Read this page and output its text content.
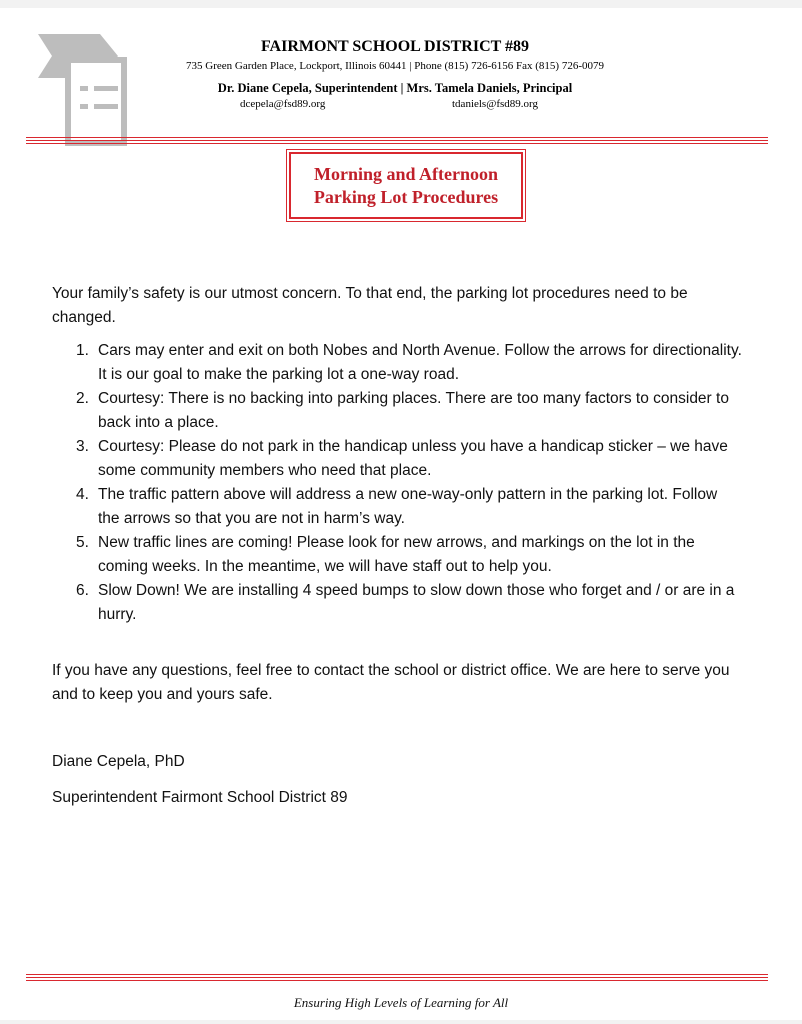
FAIRMONT SCHOOL DISTRICT #89
735 Green Garden Place, Lockport, Illinois 60441 | Phone (815) 726-6156 Fax (815) 726-0079
Dr. Diane Cepela, Superintendent | Mrs. Tamela Daniels, Principal
dcepela@fsd89.org	tdaniels@fsd89.org
Morning and Afternoon
Parking Lot Procedures
Your family’s safety is our utmost concern. To that end, the parking lot procedures need to be changed.
1. Cars may enter and exit on both Nobes and North Avenue. Follow the arrows for directionality. It is our goal to make the parking lot a one-way road.
2. Courtesy: There is no backing into parking places. There are too many factors to consider to back into a place.
3. Courtesy: Please do not park in the handicap unless you have a handicap sticker – we have some community members who need that place.
4. The traffic pattern above will address a new one-way-only pattern in the parking lot. Follow the arrows so that you are not in harm’s way.
5. New traffic lines are coming! Please look for new arrows, and markings on the lot in the coming weeks. In the meantime, we will have staff out to help you.
6. Slow Down! We are installing 4 speed bumps to slow down those who forget and / or are in a hurry.
If you have any questions, feel free to contact the school or district office. We are here to serve you and to keep you and yours safe.
Diane Cepela, PhD
Superintendent Fairmont School District 89
Ensuring High Levels of Learning for All
